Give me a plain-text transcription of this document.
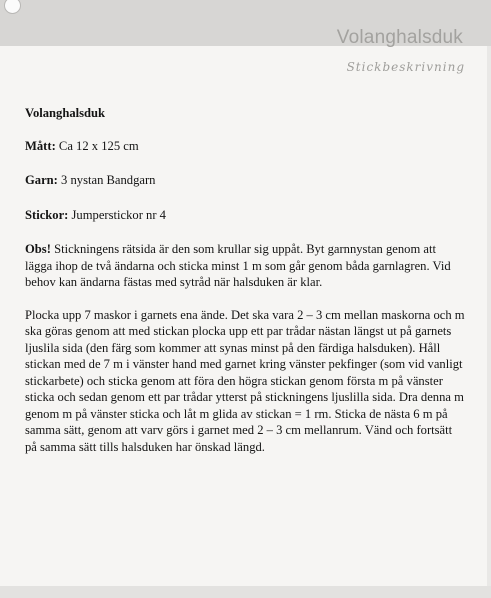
Volanghalsduk
Stickbeskrivning
Volanghalsduk
Mått: Ca 12 x 125 cm
Garn: 3 nystan Bandgarn
Stickor: Jumperstickor nr 4
Obs! Stickningens rätsida är den som krullar sig uppåt. Byt garnnystan genom att lägga ihop de två ändarna och sticka minst 1 m som går genom båda garnlagren. Vid behov kan ändarna fästas med sytråd när halsduken är klar.
Plocka upp 7 maskor i garnets ena ände. Det ska vara 2 – 3 cm mellan maskorna och m ska göras genom att med stickan plocka upp ett par trådar nästan längst ut på garnets ljuslila sida (den färg som kommer att synas minst på den färdiga halsduken). Håll stickan med de 7 m i vänster hand med garnet kring vänster pekfinger (som vid vanligt stickarbete) och sticka genom att föra den högra stickan genom första m på vänster sticka och sedan genom ett par trådar ytterst på stickningens ljuslilla sida. Dra denna m genom m på vänster sticka och låt m glida av stickan = 1 rm. Sticka de nästa 6 m på samma sätt, genom att varv görs i garnet med 2 – 3 cm mellanrum. Vänd och fortsätt på samma sätt tills halsduken har önskad längd.
